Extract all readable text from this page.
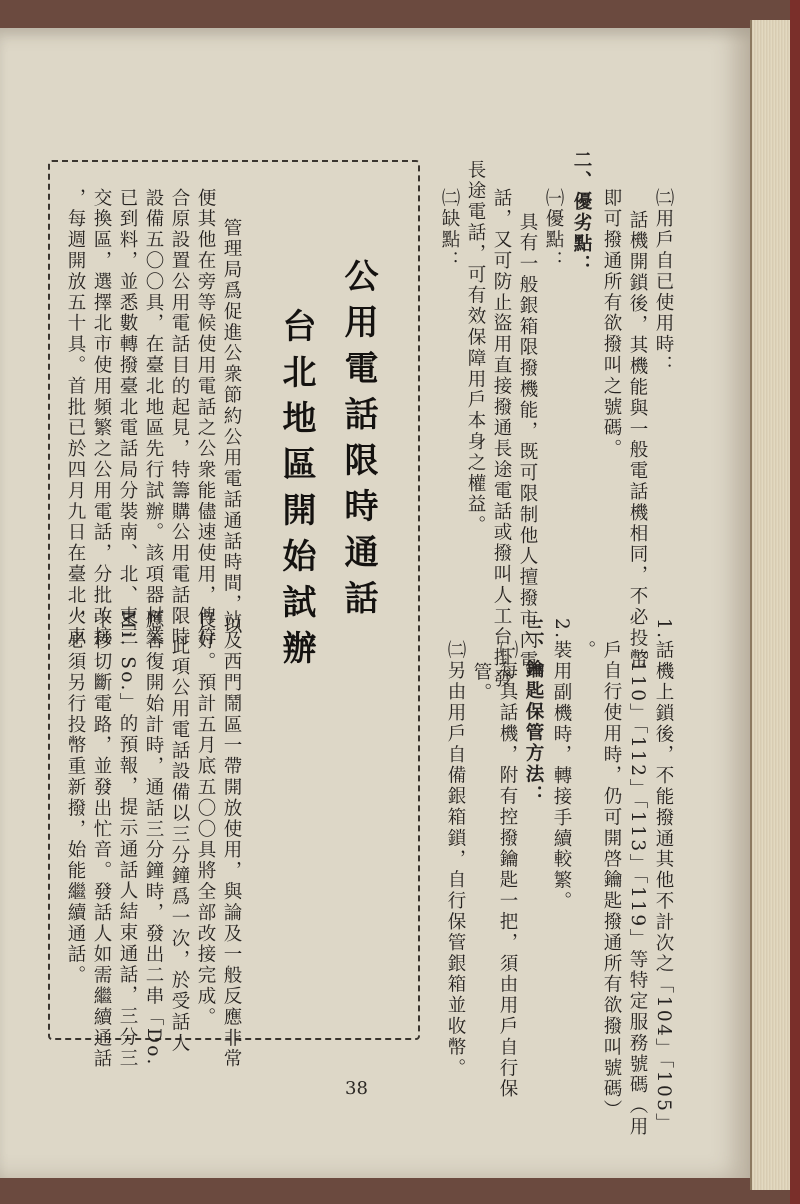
㈡用戶自已使用時：
話機開鎖後，其機能與一般電話機相同，不必投幣
即可撥通所有欲撥叫之號碼。
二、優劣點：
㈠優點：
具有一般銀箱限撥機能，既可限制他人擅撥市內電
話，又可防止盜用直接撥通長途電話或撥叫人工台掛發
長途電話，可有效保障用戶本身之權益。
㈡缺點：
1.話機上鎖後，不能撥通其他不計次之「104」「105」
「110」「112」「113」「119」等特定服務號碼（用
戶自行使用時，仍可開啓鑰匙撥通所有欲撥叫號碼）
。
2.裝用副機時，轉接手續較繁。
三、鑰匙保管方法：
㈠每具話機，附有控撥鑰匙一把，須由用戶自行保
管。
㈡另由用戶自備銀箱鎖，自行保管銀箱並收幣。
公用電話限時通話
台北地區開始試辦
管理局爲促進公衆節約公用電話通話時間，以
便其他在旁等候使用電話之公衆能儘速使用，俾符
合原設置公用電話目的起見，特籌購公用電話限時
設備五〇〇具，在臺北地區先行試辦。該項器材業
已到料，並悉數轉撥臺北電話局分裝南、北、東三
交換區，選擇北市使用頻繁之公用電話，分批改接
，每週開放五十具。首批已於四月九日在臺北火車
站及西門鬧區一帶開放使用，與論及一般反應非常
良好。預計五月底五〇〇具將全部改接完成。
此項公用電話設備以三分鐘爲一次，於受話人
應答復開始計時，通話三分鐘時，發出二串「Do.
Mi. So.」的預報，提示通話人結束通話，三分三
十秒切斷電路，並發出忙音。發話人如需繼續通話
，必須另行投幣重新撥，始能繼續通話。
38
